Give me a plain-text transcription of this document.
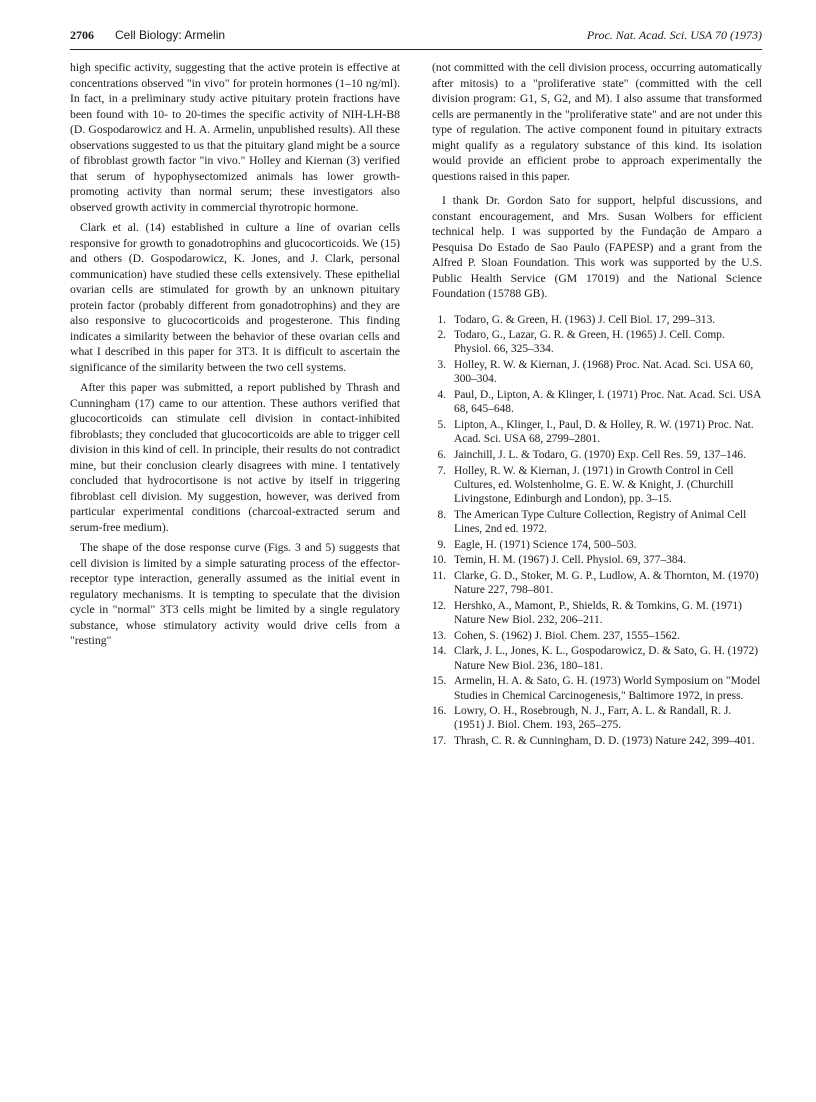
2706 Cell Biology: Armelin	Proc. Nat. Acad. Sci. USA 70 (1973)

high specific activity, suggesting that the active protein is effective at concentrations observed "in vivo" for protein hormones (1–10 ng/ml). In fact, in a preliminary study active pituitary protein fractions have been found with 10- to 20-times the specific activity of NIH-LH-B8 (D. Gospodarowicz and H. A. Armelin, unpublished results). All these observations suggested to us that the pituitary gland might be a source of fibroblast growth factor "in vivo." Holley and Kiernan (3) verified that serum of hypophysectomized animals has lower growth-promoting activity than normal serum; these investigators also observed growth activity in commercial thyrotropic hormone.

Clark et al. (14) established in culture a line of ovarian cells responsive for growth to gonadotrophins and glucocorticoids. We (15) and others (D. Gospodarowicz, K. Jones, and J. Clark, personal communication) have studied these cells extensively. These epithelial ovarian cells are stimulated for growth by an unknown pituitary protein factor (probably different from gonadotrophins) and they are also responsive to glucocorticoids and progesterone. This finding indicates a similarity between the behavior of these ovarian cells and what I described in this paper for 3T3. It is difficult to ascertain the significance of the similarity between the two cell systems.

After this paper was submitted, a report published by Thrash and Cunningham (17) came to our attention. These authors verified that glucocorticoids can stimulate cell division in contact-inhibited fibroblasts; they concluded that glucocorticoids are able to trigger cell division in this kind of cell. In principle, their results do not contradict mine, but their conclusion clearly disagrees with mine. I tentatively concluded that hydrocortisone is not active by itself in triggering fibroblast cell division. My suggestion, however, was derived from particular experimental conditions (charcoal-extracted serum and serum-free medium).

The shape of the dose response curve (Figs. 3 and 5) suggests that cell division is limited by a simple saturating process of the effector-receptor type interaction, generally assumed as the initial event in regulatory mechanisms. It is tempting to speculate that the division cycle in "normal" 3T3 cells might be limited by a single regulatory substance, whose stimulatory activity would drive cells from a "resting"

(not committed with the cell division process, occurring automatically after mitosis) to a "proliferative state" (committed with the cell division program: G1, S, G2, and M). I also assume that transformed cells are permanently in the "proliferative state" and are not under this type of regulation. The active component found in pituitary extracts might qualify as a regulatory substance of this kind. Its isolation would provide an efficient probe to approach experimentally the questions raised in this paper.

I thank Dr. Gordon Sato for support, helpful discussions, and constant encouragement, and Mrs. Susan Wolbers for efficient technical help. I was supported by the Fundação de Amparo a Pesquisa Do Estado de Sao Paulo (FAPESP) and a grant from the Alfred P. Sloan Foundation. This work was supported by the U.S. Public Health Service (GM 17019) and the National Science Foundation (15788 GB).

1. Todaro, G. & Green, H. (1963) J. Cell Biol. 17, 299–313.
2. Todaro, G., Lazar, G. R. & Green, H. (1965) J. Cell. Comp. Physiol. 66, 325–334.
3. Holley, R. W. & Kiernan, J. (1968) Proc. Nat. Acad. Sci. USA 60, 300–304.
4. Paul, D., Lipton, A. & Klinger, I. (1971) Proc. Nat. Acad. Sci. USA 68, 645–648.
5. Lipton, A., Klinger, I., Paul, D. & Holley, R. W. (1971) Proc. Nat. Acad. Sci. USA 68, 2799–2801.
6. Jainchill, J. L. & Todaro, G. (1970) Exp. Cell Res. 59, 137–146.
7. Holley, R. W. & Kiernan, J. (1971) in Growth Control in Cell Cultures, ed. Wolstenholme, G. E. W. & Knight, J. (Churchill Livingstone, Edinburgh and London), pp. 3–15.
8. The American Type Culture Collection, Registry of Animal Cell Lines, 2nd ed. 1972.
9. Eagle, H. (1971) Science 174, 500–503.
10. Temin, H. M. (1967) J. Cell. Physiol. 69, 377–384.
11. Clarke, G. D., Stoker, M. G. P., Ludlow, A. & Thornton, M. (1970) Nature 227, 798–801.
12. Hershko, A., Mamont, P., Shields, R. & Tomkins, G. M. (1971) Nature New Biol. 232, 206–211.
13. Cohen, S. (1962) J. Biol. Chem. 237, 1555–1562.
14. Clark, J. L., Jones, K. L., Gospodarowicz, D. & Sato, G. H. (1972) Nature New Biol. 236, 180–181.
15. Armelin, H. A. & Sato, G. H. (1973) World Symposium on "Model Studies in Chemical Carcinogenesis," Baltimore 1972, in press.
16. Lowry, O. H., Rosebrough, N. J., Farr, A. L. & Randall, R. J. (1951) J. Biol. Chem. 193, 265–275.
17. Thrash, C. R. & Cunningham, D. D. (1973) Nature 242, 399–401.
